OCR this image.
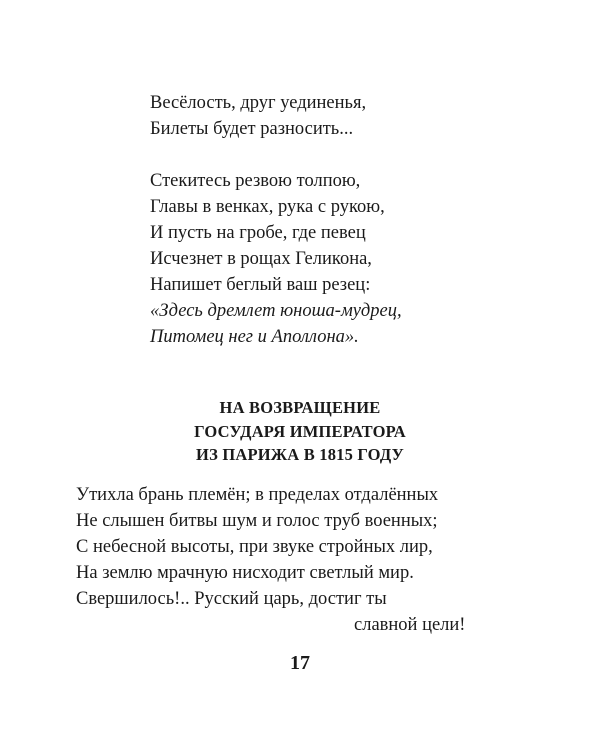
Весёлость, друг уединенья,
Билеты будет разносить...
Стекитесь резвою толпою,
Главы в венках, рука с рукою,
И пусть на гробе, где певец
Исчезнет в рощах Геликона,
Напишет беглый ваш резец:
«Здесь дремлет юноша-мудрец,
Питомец нег и Аполлона».
НА ВОЗВРАЩЕНИЕ
ГОСУДАРЯ ИМПЕРАТОРА
ИЗ ПАРИЖА В 1815 ГОДУ
Утихла брань племён; в пределах отдалённых
Не слышен битвы шум и голос труб военных;
С небесной высоты, при звуке стройных лир,
На землю мрачную нисходит светлый мир.
Свершилось!.. Русский царь, достиг ты
славной цели!
17
